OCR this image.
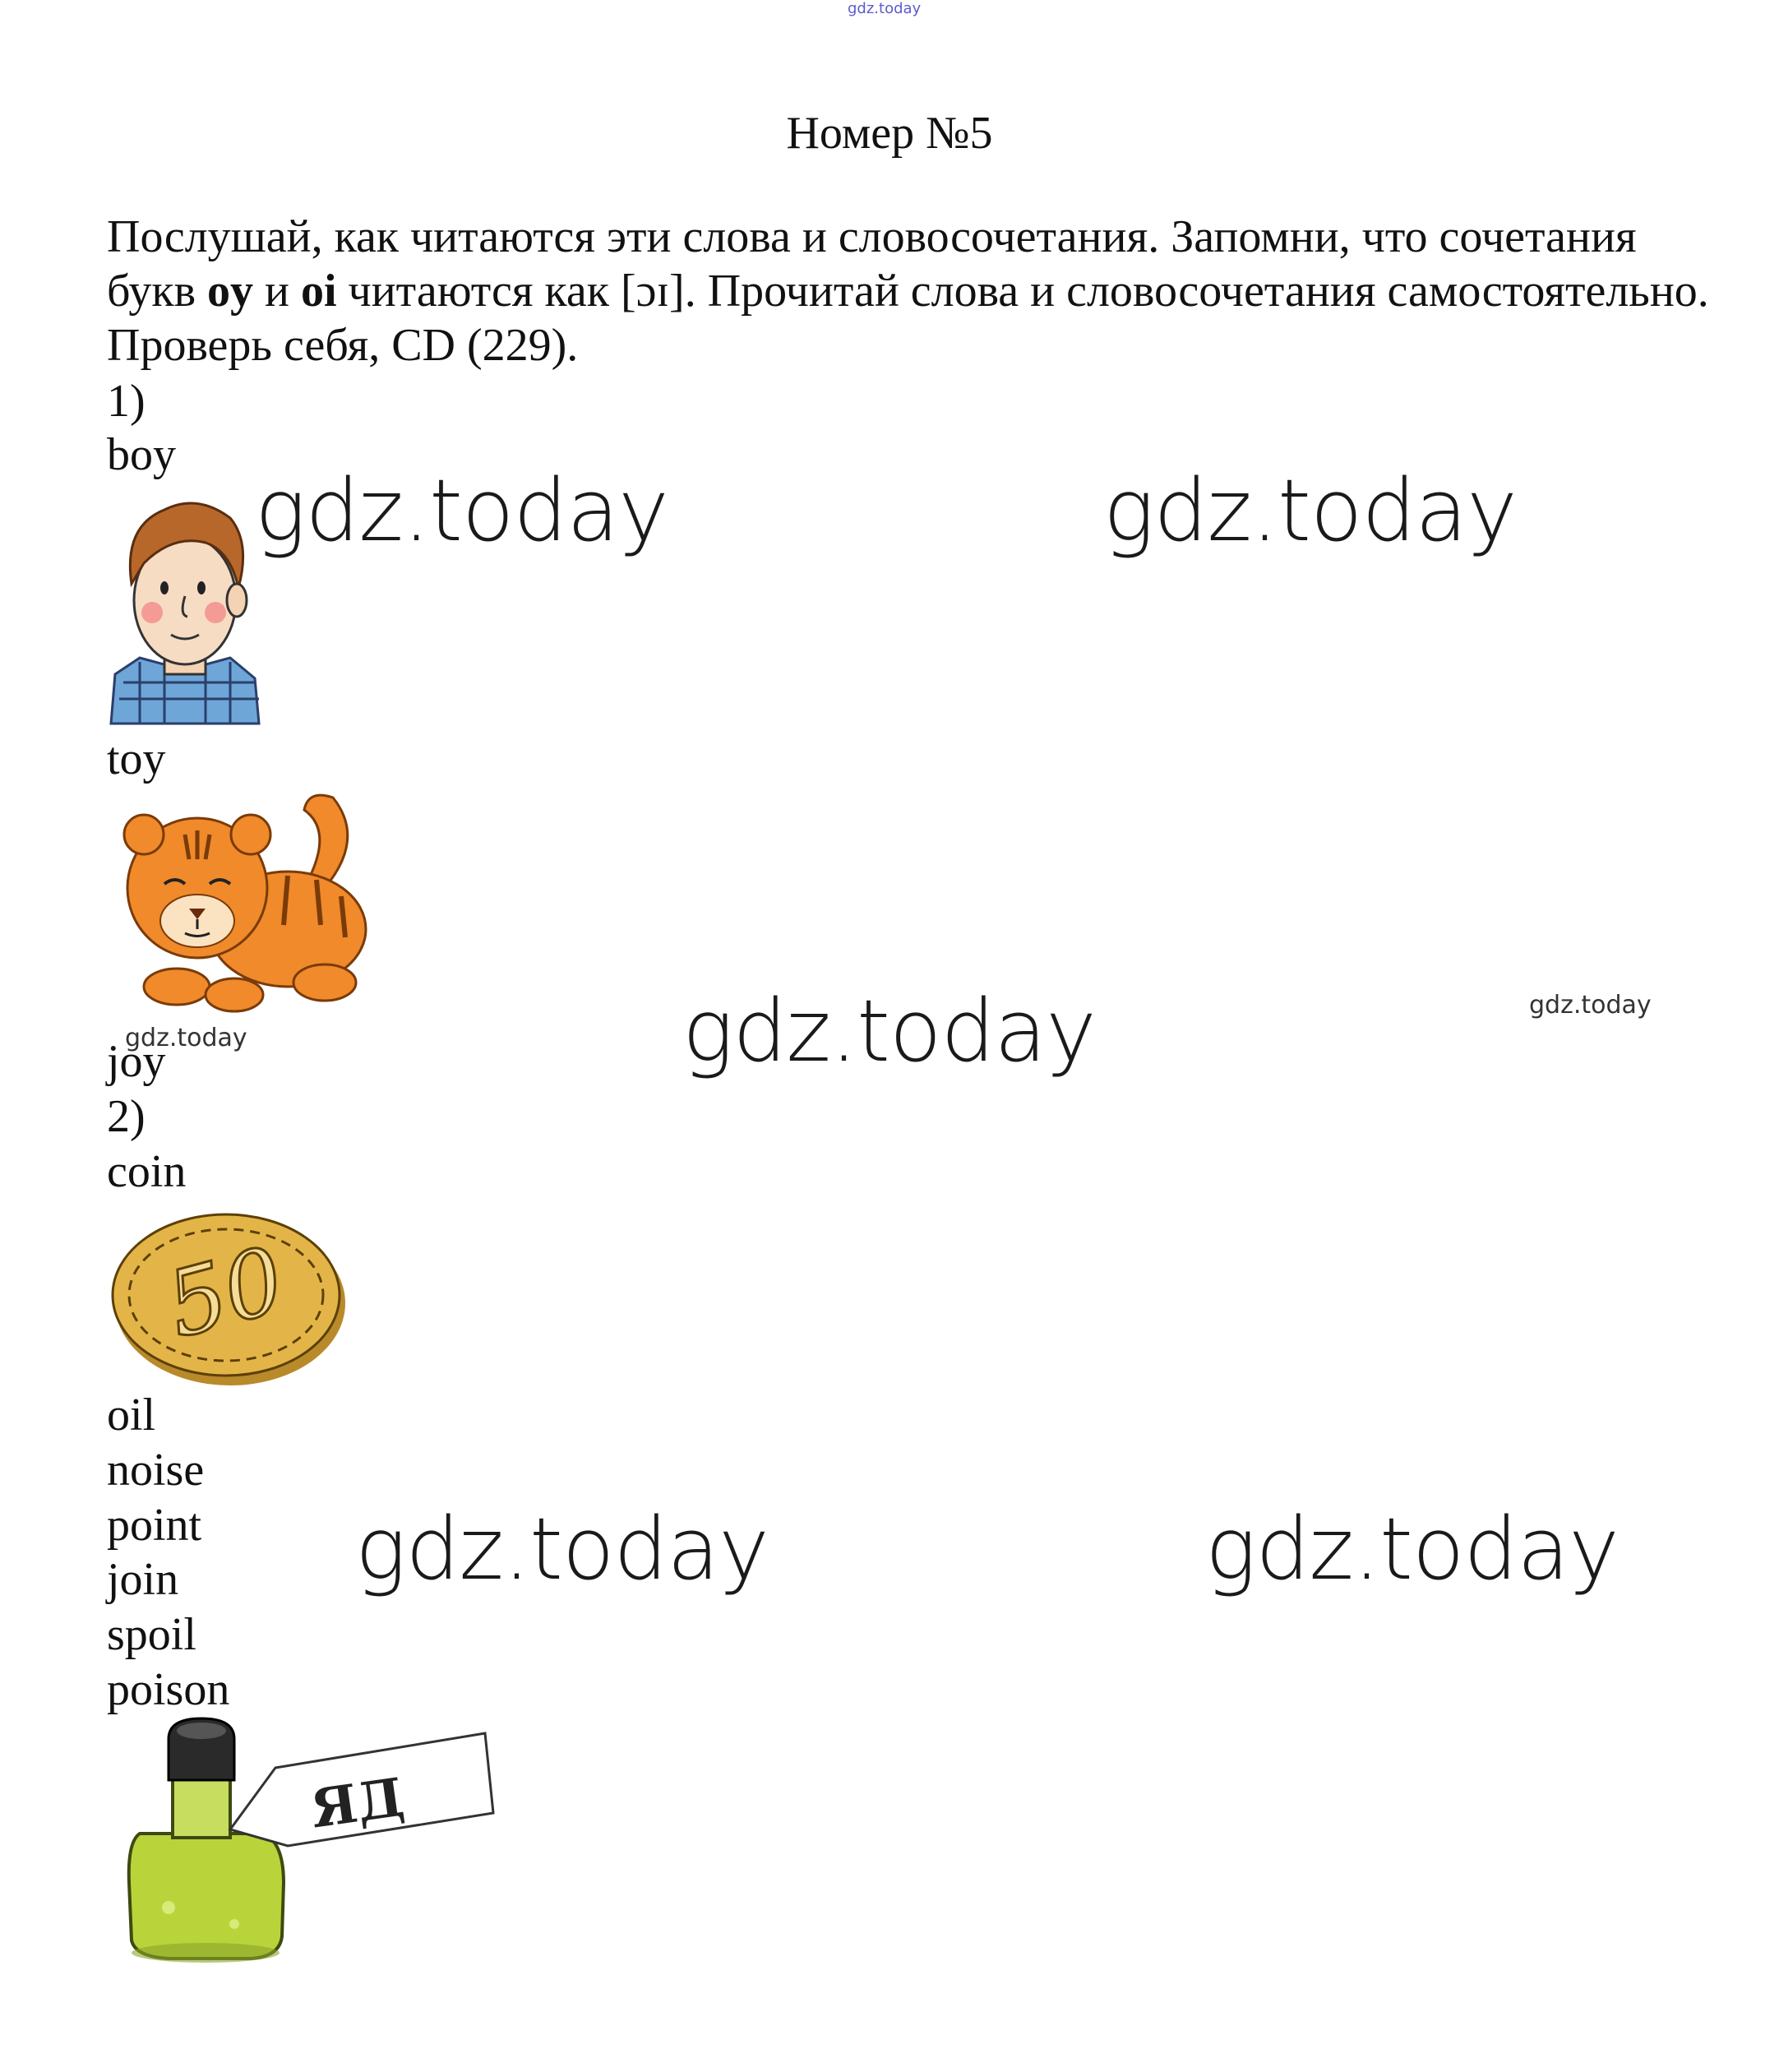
gdz.today
Номер №5
Послушай, как читаются эти слова и словосочетания. Запомни, что сочетания букв oy и oi читаются как [ɔɪ]. Прочитай слова и словосочетания самостоятельно. Проверь себя, CD (229).
1)
boy
toy
joy
2)
coin
50
oil
noise
point
join
spoil
poison
ЯД
gdz.today	gdz.today
gdz.today
gdz.today	gdz.today
gdz.today
gdz.today
